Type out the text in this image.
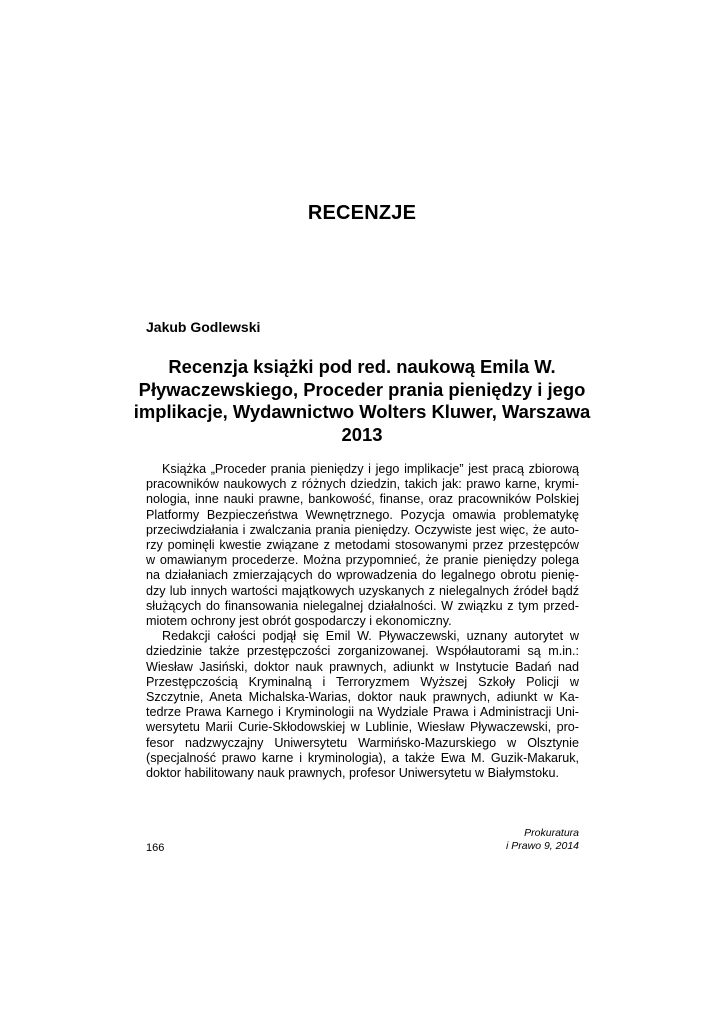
RECENZJE
Jakub Godlewski
Recenzja książki pod red. naukową Emila W. Pływaczewskiego, Proceder prania pieniędzy i jego implikacje, Wydawnictwo Wolters Kluwer, Warszawa 2013

Książka „Proceder prania pieniędzy i jego implikacje” jest pracą zbiorową pracowników naukowych z różnych dziedzin, takich jak: prawo karne, kryminologia, inne nauki prawne, bankowość, finanse, oraz pracowników Polskiej Platformy Bezpieczeństwa Wewnętrznego. Pozycja omawia problematykę przeciwdziałania i zwalczania prania pieniędzy. Oczywiste jest więc, że autorzy pominęli kwestie związane z metodami stosowanymi przez przestępców w omawianym procederze. Można przypomnieć, że pranie pieniędzy polega na działaniach zmierzających do wprowadzenia do legalnego obrotu pieniędzy lub innych wartości majątkowych uzyskanych z nielegalnych źródeł bądź służących do finansowania nielegalnej działalności. W związku z tym przedmiotem ochrony jest obrót gospodarczy i ekonomiczny.

Redakcji całości podjął się Emil W. Pływaczewski, uznany autorytet w dziedzinie także przestępczości zorganizowanej. Współautorami są m.in.: Wiesław Jasiński, doktor nauk prawnych, adiunkt w Instytucie Badań nad Przestępczością Kryminalną i Terroryzmem Wyższej Szkoły Policji w Szczytnie, Aneta Michalska-Warias, doktor nauk prawnych, adiunkt w Katedrze Prawa Karnego i Kryminologii na Wydziale Prawa i Administracji Uniwersytetu Marii Curie-Skłodowskiej w Lublinie, Wiesław Pływaczewski, profesor nadzwyczajny Uniwersytetu Warmińsko-Mazurskiego w Olsztynie (specjalność prawo karne i kryminologia), a także Ewa M. Guzik-Makaruk, doktor habilitowany nauk prawnych, profesor Uniwersytetu w Białymstoku.

166
Prokuratura
i Prawo 9, 2014
